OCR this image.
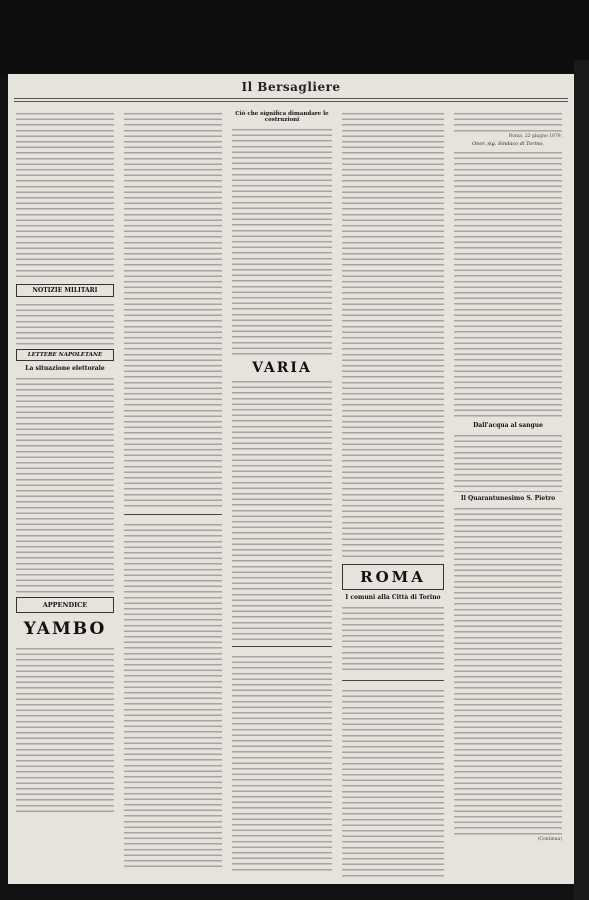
Il Bersagliere
NOTIZIE MILITARI
LETTERE NAPOLETANE
La situazione elettorale
APPENDICE
YAMBO
Ciò che significa dimandare le costruzioni
VARIA
ROMA
I comuni alla Città di Torino
Roma, 22 giugno 1879.
Onor. sig. Sindaco di Torino,
Dall'acqua al sangue
Il Quarantunesimo S. Pietro
(Continua)
